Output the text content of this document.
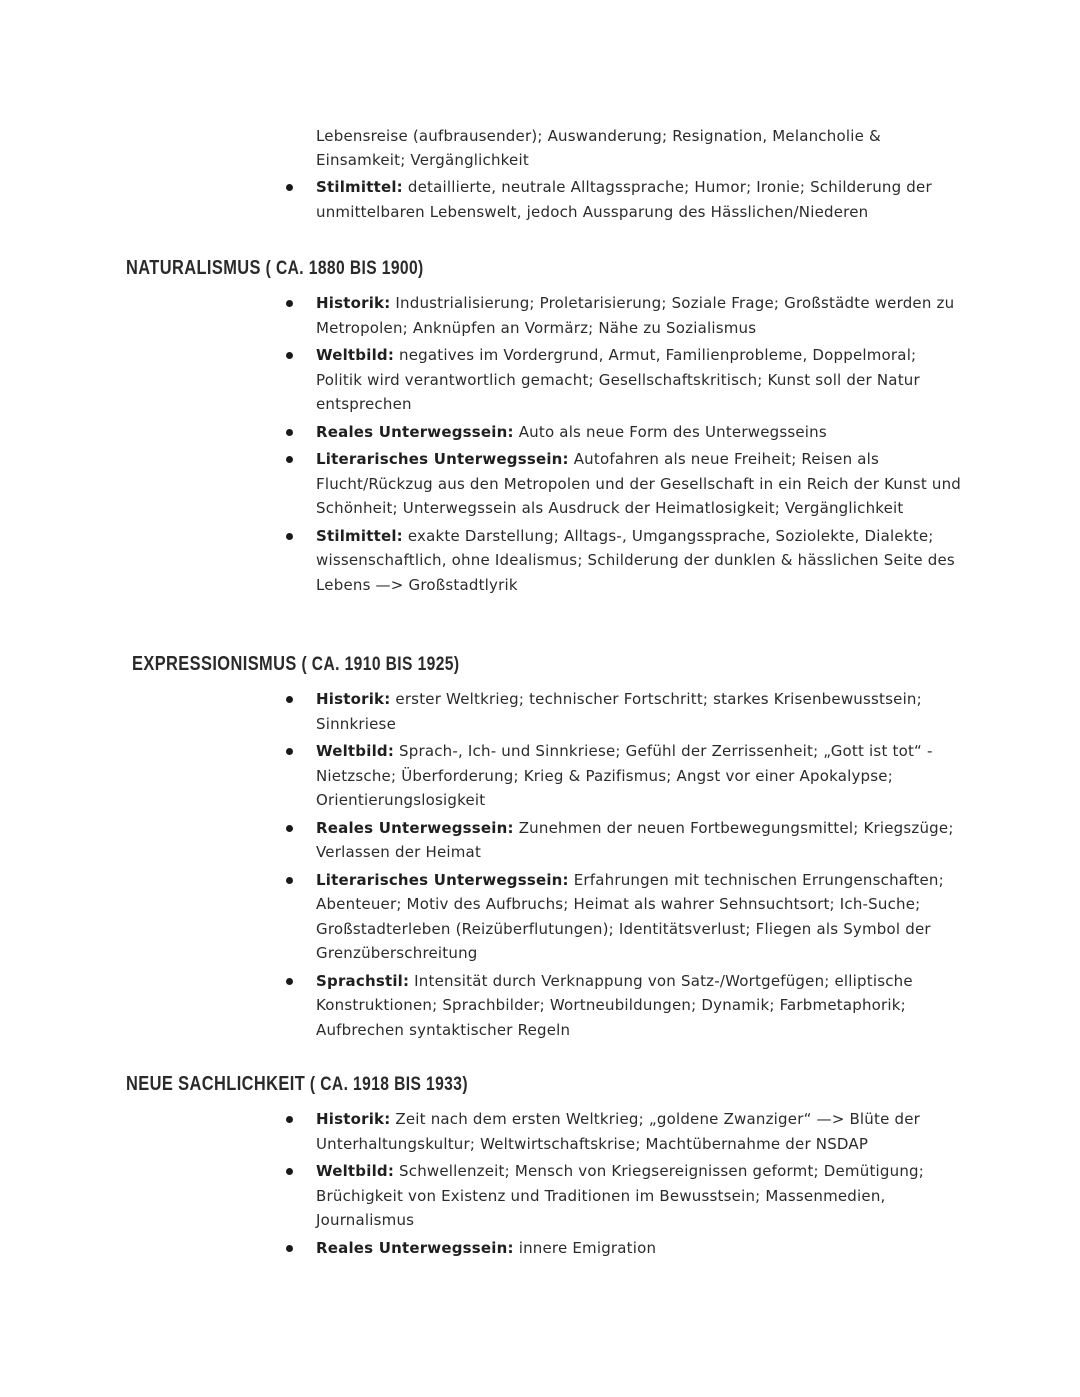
Lebensreise (aufbrausender); Auswanderung; Resignation, Melancholie &
Einsamkeit; Vergänglichkeit
Stilmittel: detaillierte, neutrale Alltagssprache; Humor; Ironie; Schilderung der unmittelbaren Lebenswelt, jedoch Aussparung des Hässlichen/Niederen
NATURALISMUS ( CA. 1880 BIS 1900)
Historik: Industrialisierung; Proletarisierung; Soziale Frage; Großstädte werden zu Metropolen; Anknüpfen an Vormärz; Nähe zu Sozialismus
Weltbild: negatives im Vordergrund, Armut, Familienprobleme, Doppelmoral; Politik wird verantwortlich gemacht; Gesellschaftskritisch; Kunst soll der Natur entsprechen
Reales Unterwegssein: Auto als neue Form des Unterwegsseins
Literarisches Unterwegssein: Autofahren als neue Freiheit; Reisen als Flucht/Rückzug aus den Metropolen und der Gesellschaft in ein Reich der Kunst und Schönheit; Unterwegssein als Ausdruck der Heimatlosigkeit; Vergänglichkeit
Stilmittel: exakte Darstellung; Alltags-, Umgangssprache, Soziolekte, Dialekte; wissenschaftlich, ohne Idealismus; Schilderung der dunklen & hässlichen Seite des Lebens —> Großstadtlyrik
EXPRESSIONISMUS ( CA. 1910 BIS 1925)
Historik: erster Weltkrieg; technischer Fortschritt; starkes Krisenbewusstsein; Sinnkriese
Weltbild: Sprach-, Ich- und Sinnkriese; Gefühl der Zerrissenheit; „Gott ist tot“ -Nietzsche; Überforderung; Krieg & Pazifismus; Angst vor einer Apokalypse; Orientierungslosigkeit
Reales Unterwegssein: Zunehmen der neuen Fortbewegungsmittel; Kriegszüge; Verlassen der Heimat
Literarisches Unterwegssein: Erfahrungen mit technischen Errungenschaften; Abenteuer; Motiv des Aufbruchs; Heimat als wahrer Sehnsuchtsort; Ich-Suche; Großstadterleben (Reizüberflutungen); Identitätsverlust; Fliegen als Symbol der Grenzüberschreitung
Sprachstil: Intensität durch Verknappung von Satz-/Wortgefügen; elliptische Konstruktionen; Sprachbilder; Wortneubildungen; Dynamik; Farbmetaphorik; Aufbrechen syntaktischer Regeln
NEUE SACHLICHKEIT ( CA. 1918 BIS 1933)
Historik: Zeit nach dem ersten Weltkrieg; „goldene Zwanziger“ —> Blüte der Unterhaltungskultur; Weltwirtschaftskrise; Machtübernahme der NSDAP
Weltbild: Schwellenzeit; Mensch von Kriegsereignissen geformt; Demütigung; Brüchigkeit von Existenz und Traditionen im Bewusstsein; Massenmedien, Journalismus
Reales Unterwegssein: innere Emigration
